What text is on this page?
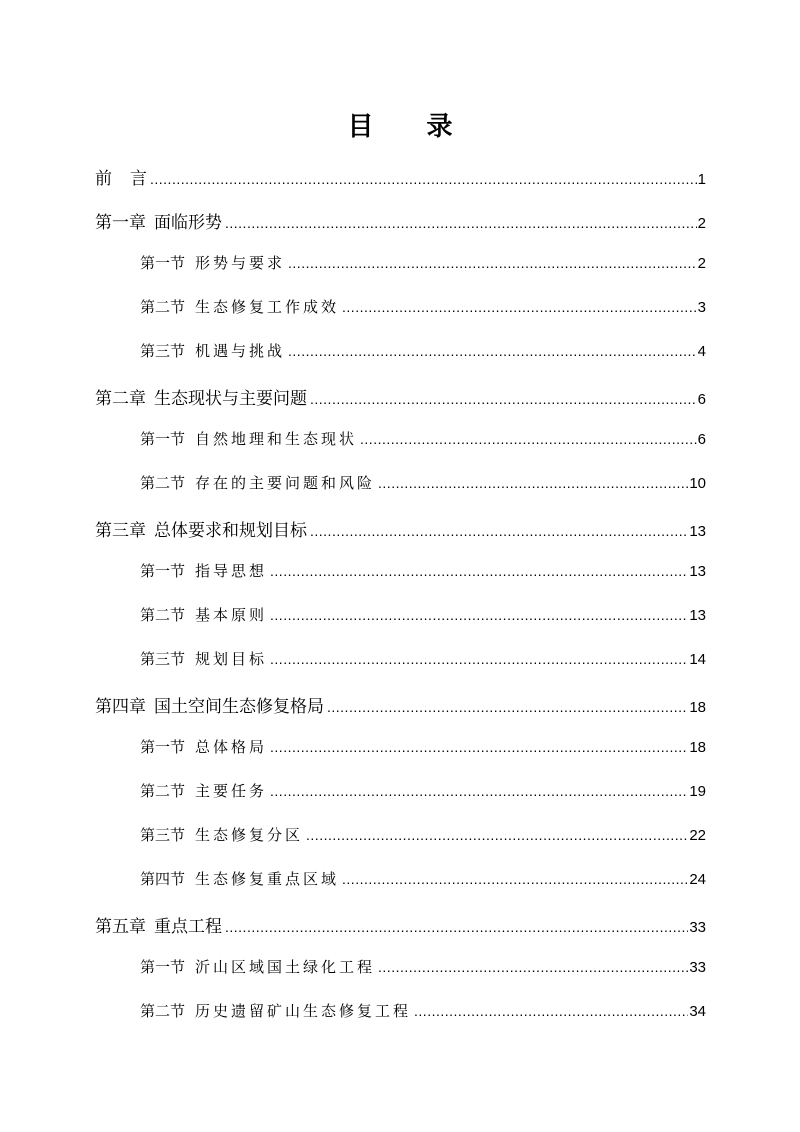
目 录
前言 .....	1
第一章 面临形势 .....	2
第一节 形势与要求 .....	2
第二节 生态修复工作成效 .....	3
第三节 机遇与挑战 .....	4
第二章 生态现状与主要问题 .....	6
第一节 自然地理和生态现状 .....	6
第二节 存在的主要问题和风险 .....	10
第三章 总体要求和规划目标 .....	13
第一节 指导思想 .....	13
第二节 基本原则 .....	13
第三节 规划目标 .....	14
第四章 国土空间生态修复格局 .....	18
第一节 总体格局 .....	18
第二节 主要任务 .....	19
第三节 生态修复分区 .....	22
第四节 生态修复重点区域 .....	24
第五章 重点工程 .....	33
第一节 沂山区域国土绿化工程 .....	33
第二节 历史遗留矿山生态修复工程 .....	34
